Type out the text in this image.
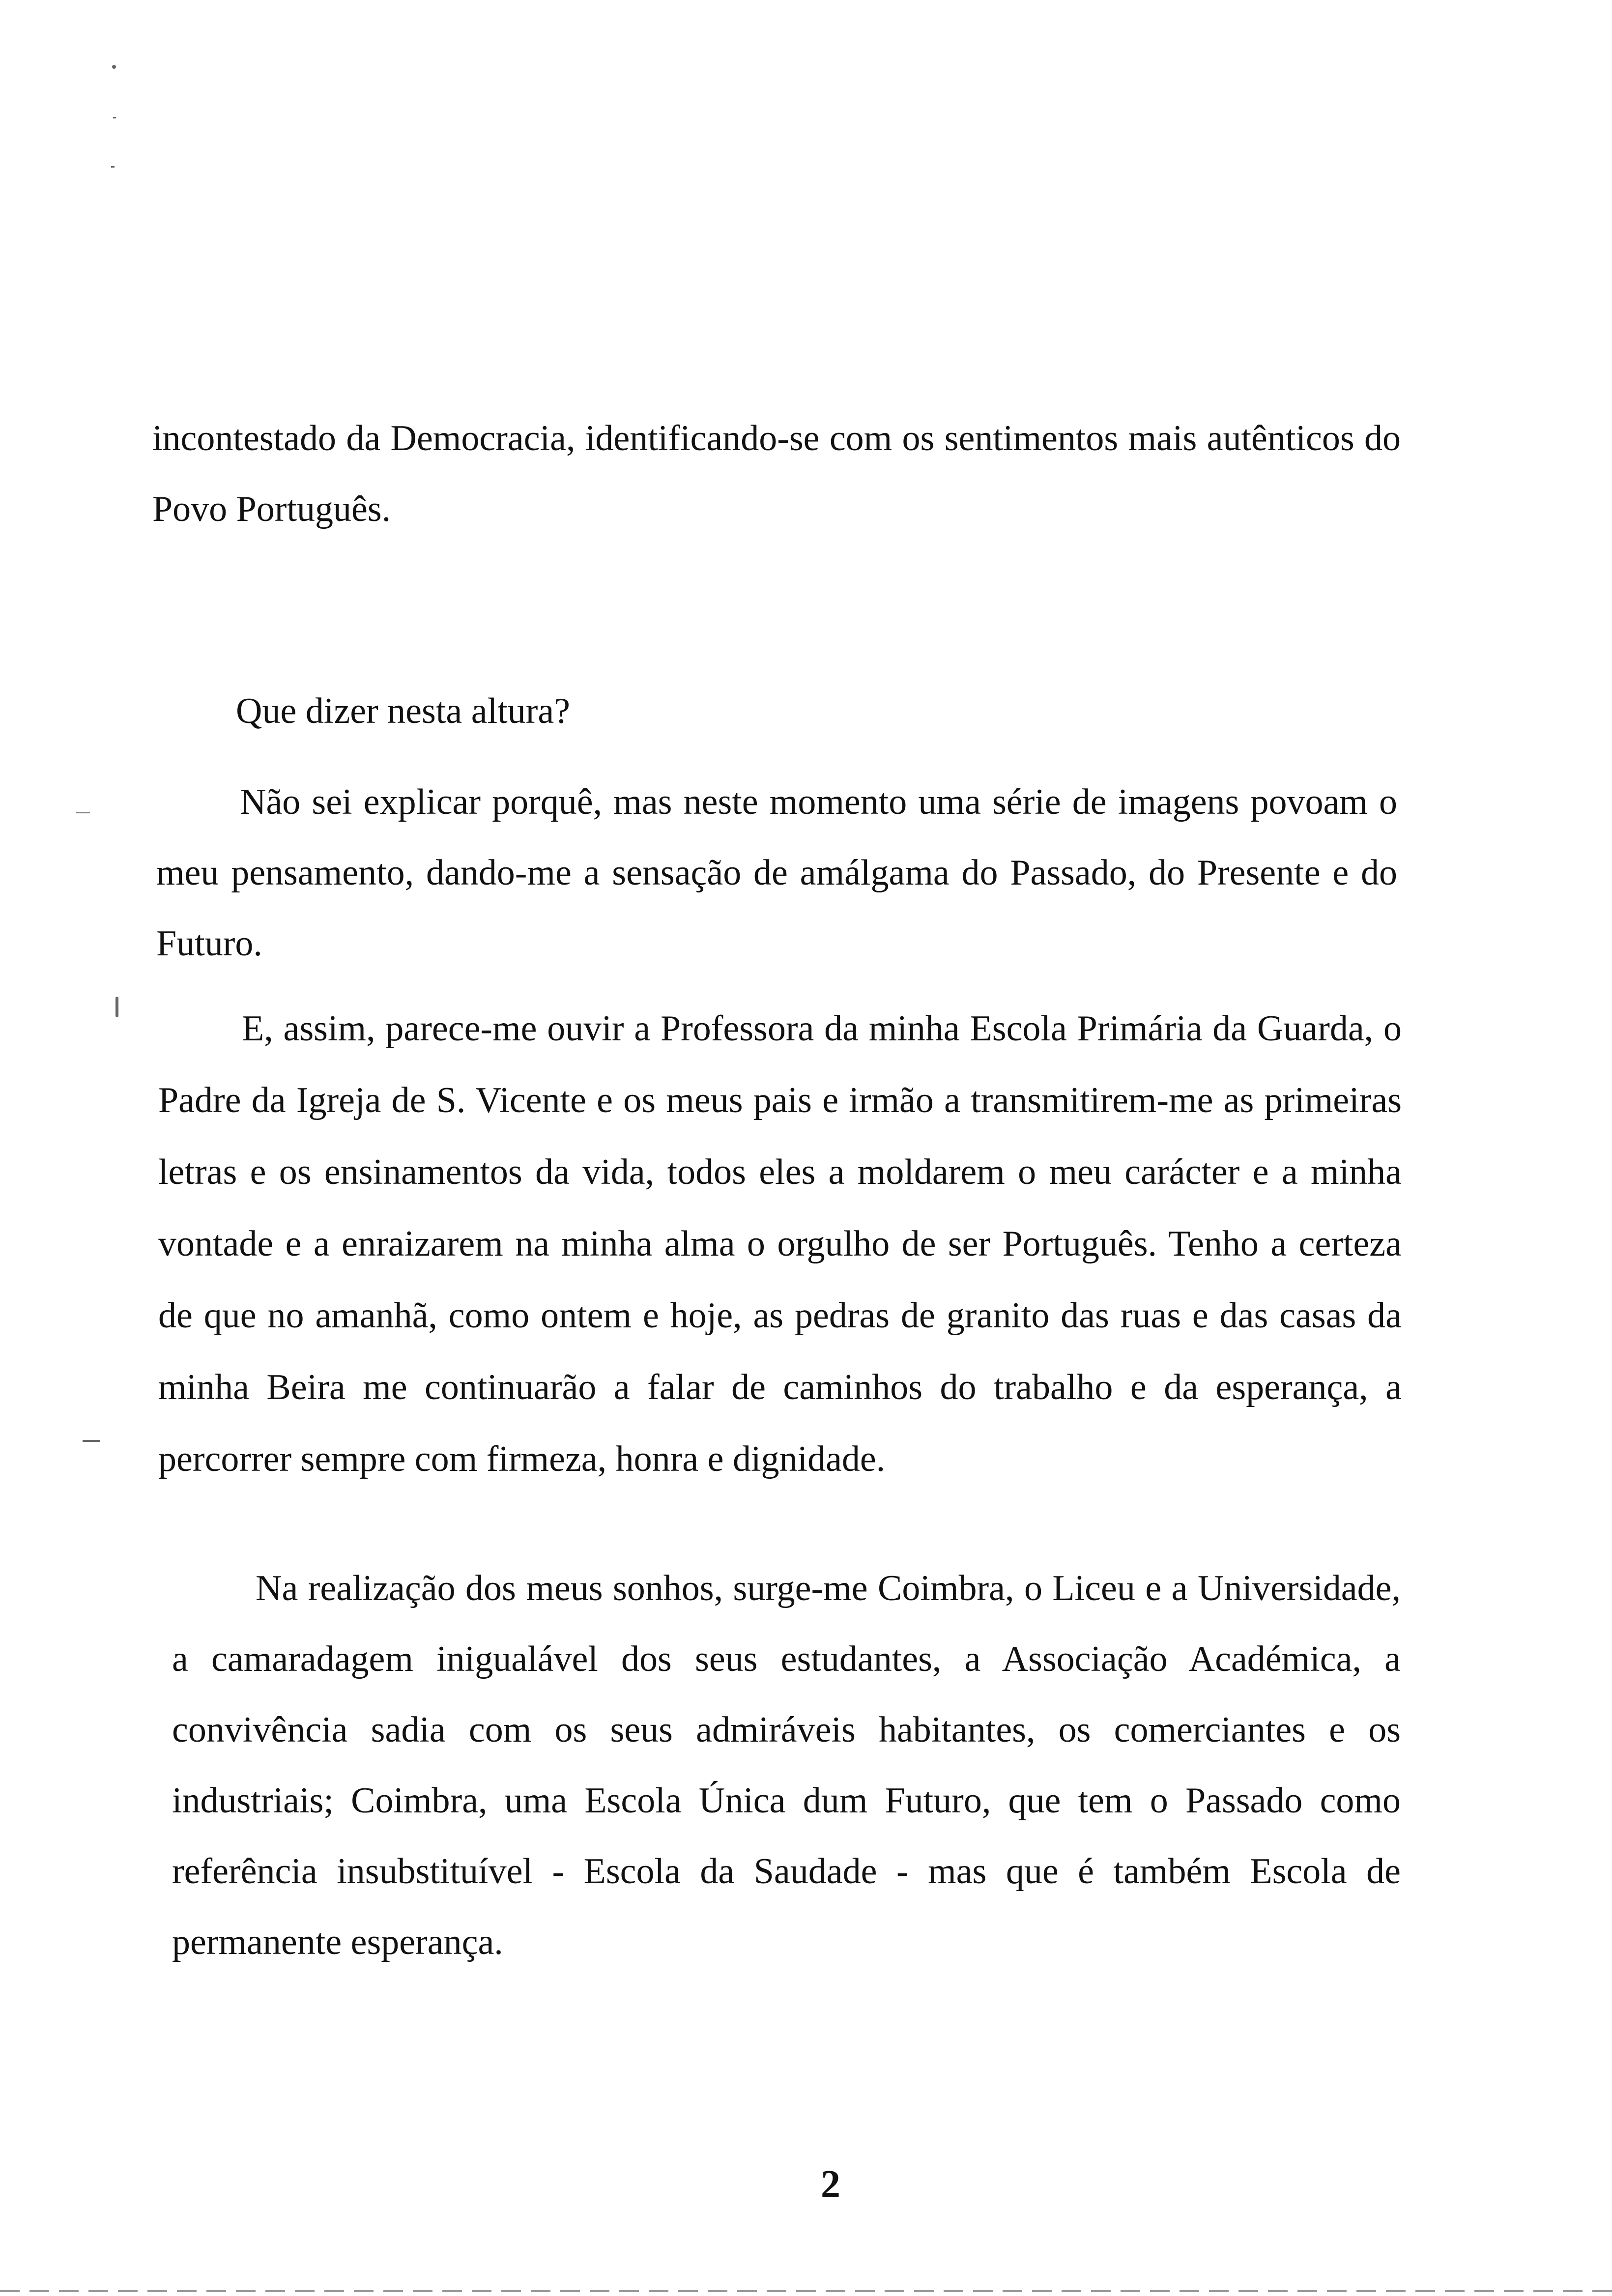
incontestado da Democracia, identificando-se com os sentimentos mais autênticos do Povo Português.

Que dizer nesta altura?

Não sei explicar porquê, mas neste momento uma série de imagens povoam o meu pensamento, dando-me a sensação de amálgama do Passado, do Presente e do Futuro.

E, assim, parece-me ouvir a Professora da minha Escola Primária da Guarda, o Padre da Igreja de S. Vicente e os meus pais e irmão a transmitirem-me as primeiras letras e os ensinamentos da vida, todos eles a moldarem o meu carácter e a minha vontade e a enraizarem na minha alma o orgulho de ser Português. Tenho a certeza de que no amanhã, como ontem e hoje, as pedras de granito das ruas e das casas da minha Beira me continuarão a falar de caminhos do trabalho e da esperança, a percorrer sempre com firmeza, honra e dignidade.

Na realização dos meus sonhos, surge-me Coimbra, o Liceu e a Universidade, a camaradagem inigualável dos seus estudantes, a Associação Académica, a convivência sadia com os seus admiráveis habitantes, os comerciantes e os industriais; Coimbra, uma Escola Única dum Futuro, que tem o Passado como referência insubstituível - Escola da Saudade - mas que é também Escola de permanente esperança.

2
